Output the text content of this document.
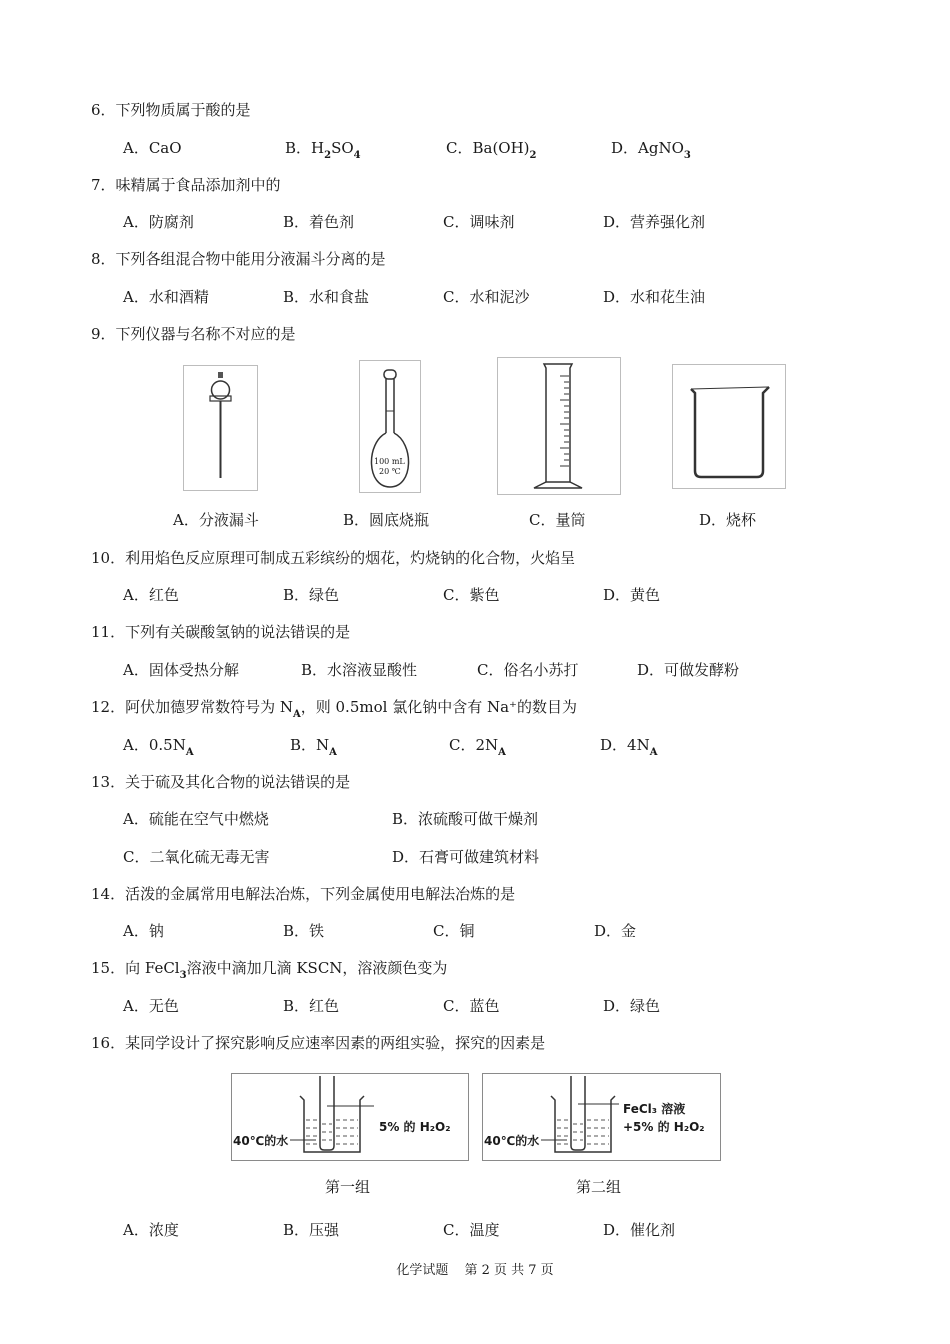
6．下列物质属于酸的是
A．CaO	B．$H_2SO_4$	C．$Ba(OH)_2$	D．AgNO$_3$
7．味精属于食品添加剂中的
A．防腐剂	B．着色剂	C．调味剂	D．营养强化剂
8．下列各组混合物中能用分液漏斗分离的是
A．水和酒精	B．水和食盐	C．水和泥沙	D．水和花生油
9．下列仪器与名称不对应的是
100 mL
20 ℃
A．分液漏斗	B．圆底烧瓶	C．量筒	D．烧杯
10．利用焰色反应原理可制成五彩缤纷的烟花，灼烧钠的化合物，火焰呈
A．红色	B．绿色	C．紫色	D．黄色
11．下列有关碳酸氢钠的说法错误的是
A．固体受热分解	B．水溶液显酸性	C．俗名小苏打	D．可做发酵粉
12．阿伏加德罗常数符号为 $N_A$，则 0.5mol 氯化钠中含有 Na⁺的数目为
A．$0.5N_A$	B．$N_A$	C．$2N_A$	D．$4N_A$
13．关于硫及其化合物的说法错误的是
A．硫能在空气中燃烧	B．浓硫酸可做干燥剂
C．二氧化硫无毒无害	D．石膏可做建筑材料
14．活泼的金属常用电解法冶炼，下列金属使用电解法冶炼的是
A．钠	B．铁	C．铜	D．金
15．向 FeCl$_3$溶液中滴加几滴 KSCN，溶液颜色变为
A．无色	B．红色	C．蓝色	D．绿色
16．某同学设计了探究影响反应速率因素的两组实验，探究的因素是
40℃的水
5% 的 H₂O₂
40℃的水
FeCl₃ 溶液
+5% 的 H₂O₂
第一组	第二组
A．浓度	B．压强	C．温度	D．催化剂
化学试题 第 2 页 共 7 页
